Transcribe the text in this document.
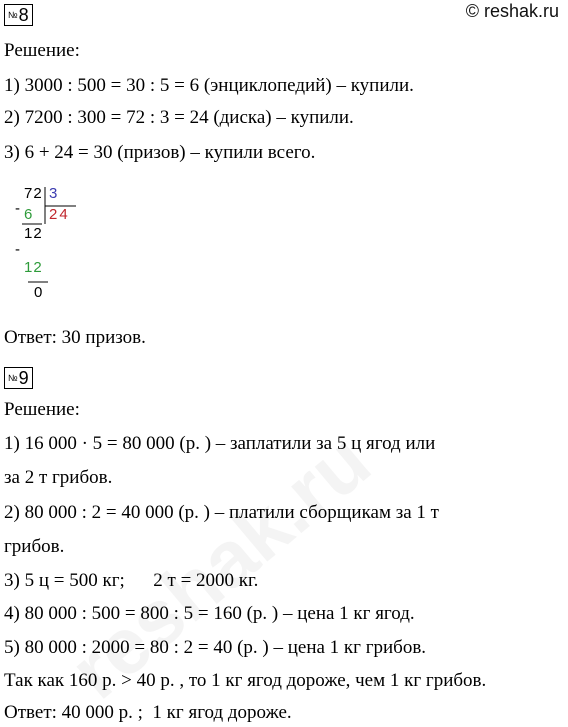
© reshak.ru
№8
Решение:
1) 3000 : 500 = 30 : 5 = 6 (энциклопедий) – купили.
2) 7200 : 300 = 72 : 3 = 24 (диска) – купили.
3) 6 + 24 = 30 (призов) – купили всего.
72 3
- 6 24
12
-
12
0
Ответ: 30 призов.
№9
Решение:
1) 16 000 · 5 = 80 000 (р. ) – заплатили за 5 ц ягод или
за 2 т грибов.
2) 80 000 : 2 = 40 000 (р. ) – платили сборщикам за 1 т
грибов.
3) 5 ц = 500 кг;      2 т = 2000 кг.
4) 80 000 : 500 = 800 : 5 = 160 (р. ) – цена 1 кг ягод.
5) 80 000 : 2000 = 80 : 2 = 40 (р. ) – цена 1 кг грибов.
Так как 160 р. > 40 р. , то 1 кг ягод дороже, чем 1 кг грибов.
Ответ: 40 000 р. ;  1 кг ягод дороже.
